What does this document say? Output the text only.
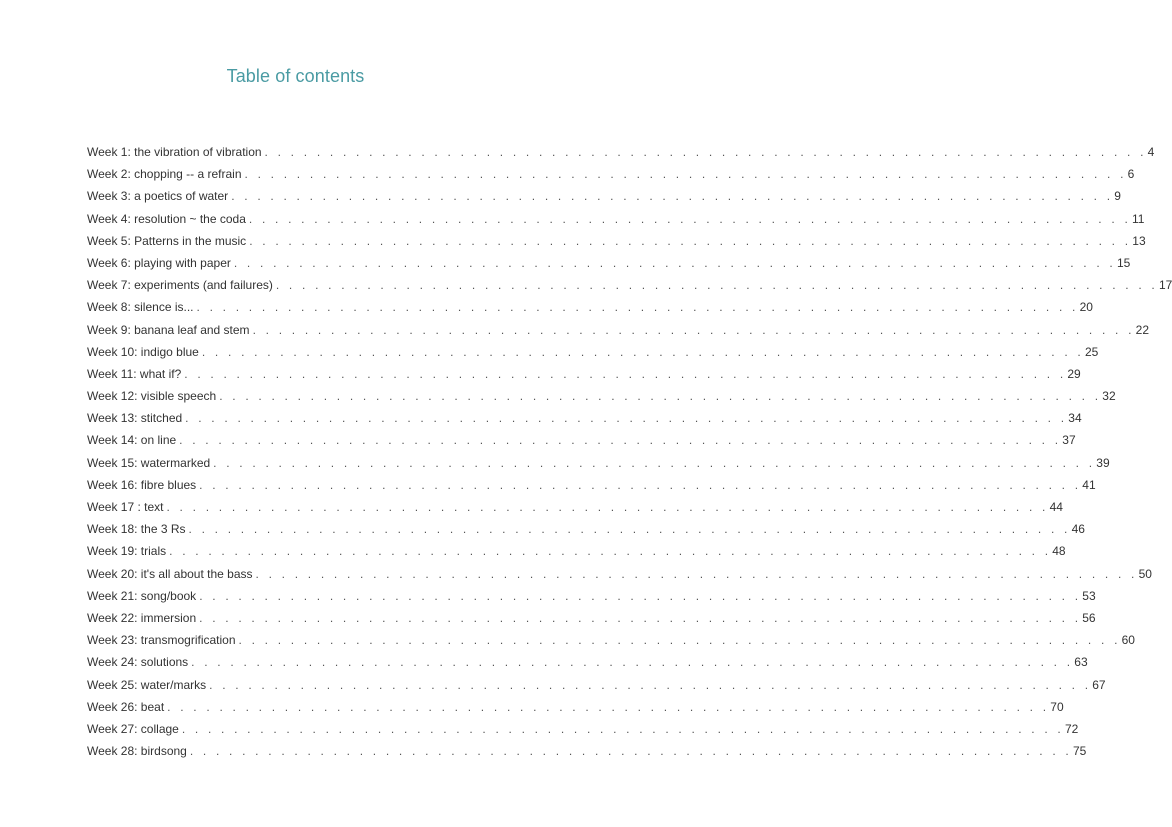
Table of contents
Week 1: the vibration of vibration . . . . . . . . . . . . . . . . . . . . . . . . . . . . . . . . . . . . . . . . . . . . . . . . . . . . . . . . . . . . . . . . . . . . 4
Week 2: chopping -- a refrain . . . . . . . . . . . . . . . . . . . . . . . . . . . . . . . . . . . . . . . . . . . . . . . . . . . . . . . . . . . . . . . . . . . . 6
Week 3: a poetics of water . . . . . . . . . . . . . . . . . . . . . . . . . . . . . . . . . . . . . . . . . . . . . . . . . . . . . . . . . . . . . . . . . . . . 9
Week 4: resolution ~ the coda . . . . . . . . . . . . . . . . . . . . . . . . . . . . . . . . . . . . . . . . . . . . . . . . . . . . . . . . . . . . . . . . . . . . 11
Week 5: Patterns in the music . . . . . . . . . . . . . . . . . . . . . . . . . . . . . . . . . . . . . . . . . . . . . . . . . . . . . . . . . . . . . . . . . . . . 13
Week 6: playing with paper . . . . . . . . . . . . . . . . . . . . . . . . . . . . . . . . . . . . . . . . . . . . . . . . . . . . . . . . . . . . . . . . . . . . 15
Week 7: experiments (and failures) . . . . . . . . . . . . . . . . . . . . . . . . . . . . . . . . . . . . . . . . . . . . . . . . . . . . . . . . . . . . . . . . . . . . 17
Week 8: silence is... . . . . . . . . . . . . . . . . . . . . . . . . . . . . . . . . . . . . . . . . . . . . . . . . . . . . . . . . . . . . . . . . . . . . 20
Week 9: banana leaf and stem . . . . . . . . . . . . . . . . . . . . . . . . . . . . . . . . . . . . . . . . . . . . . . . . . . . . . . . . . . . . . . . . . . . . 22
Week 10: indigo blue . . . . . . . . . . . . . . . . . . . . . . . . . . . . . . . . . . . . . . . . . . . . . . . . . . . . . . . . . . . . . . . . . . . . 25
Week 11: what if? . . . . . . . . . . . . . . . . . . . . . . . . . . . . . . . . . . . . . . . . . . . . . . . . . . . . . . . . . . . . . . . . . . . . 29
Week 12: visible speech . . . . . . . . . . . . . . . . . . . . . . . . . . . . . . . . . . . . . . . . . . . . . . . . . . . . . . . . . . . . . . . . . . . . 32
Week 13: stitched . . . . . . . . . . . . . . . . . . . . . . . . . . . . . . . . . . . . . . . . . . . . . . . . . . . . . . . . . . . . . . . . . . . . 34
Week 14: on line . . . . . . . . . . . . . . . . . . . . . . . . . . . . . . . . . . . . . . . . . . . . . . . . . . . . . . . . . . . . . . . . . . . . 37
Week 15: watermarked . . . . . . . . . . . . . . . . . . . . . . . . . . . . . . . . . . . . . . . . . . . . . . . . . . . . . . . . . . . . . . . . . . . . 39
Week 16: fibre blues . . . . . . . . . . . . . . . . . . . . . . . . . . . . . . . . . . . . . . . . . . . . . . . . . . . . . . . . . . . . . . . . . . . . 41
Week 17 : text . . . . . . . . . . . . . . . . . . . . . . . . . . . . . . . . . . . . . . . . . . . . . . . . . . . . . . . . . . . . . . . . . . . . 44
Week 18: the 3 Rs . . . . . . . . . . . . . . . . . . . . . . . . . . . . . . . . . . . . . . . . . . . . . . . . . . . . . . . . . . . . . . . . . . . . 46
Week 19: trials . . . . . . . . . . . . . . . . . . . . . . . . . . . . . . . . . . . . . . . . . . . . . . . . . . . . . . . . . . . . . . . . . . . . 48
Week 20: it's all about the bass . . . . . . . . . . . . . . . . . . . . . . . . . . . . . . . . . . . . . . . . . . . . . . . . . . . . . . . . . . . . . . . . . . . . 50
Week 21: song/book . . . . . . . . . . . . . . . . . . . . . . . . . . . . . . . . . . . . . . . . . . . . . . . . . . . . . . . . . . . . . . . . . . . . 53
Week 22: immersion . . . . . . . . . . . . . . . . . . . . . . . . . . . . . . . . . . . . . . . . . . . . . . . . . . . . . . . . . . . . . . . . . . . . 56
Week 23: transmogrification . . . . . . . . . . . . . . . . . . . . . . . . . . . . . . . . . . . . . . . . . . . . . . . . . . . . . . . . . . . . . . . . . . . . 60
Week 24: solutions . . . . . . . . . . . . . . . . . . . . . . . . . . . . . . . . . . . . . . . . . . . . . . . . . . . . . . . . . . . . . . . . . . . . 63
Week 25: water/marks . . . . . . . . . . . . . . . . . . . . . . . . . . . . . . . . . . . . . . . . . . . . . . . . . . . . . . . . . . . . . . . . . . . . 67
Week 26: beat . . . . . . . . . . . . . . . . . . . . . . . . . . . . . . . . . . . . . . . . . . . . . . . . . . . . . . . . . . . . . . . . . . . . 70
Week 27: collage . . . . . . . . . . . . . . . . . . . . . . . . . . . . . . . . . . . . . . . . . . . . . . . . . . . . . . . . . . . . . . . . . . . . 72
Week 28: birdsong . . . . . . . . . . . . . . . . . . . . . . . . . . . . . . . . . . . . . . . . . . . . . . . . . . . . . . . . . . . . . . . . . . . . 75
